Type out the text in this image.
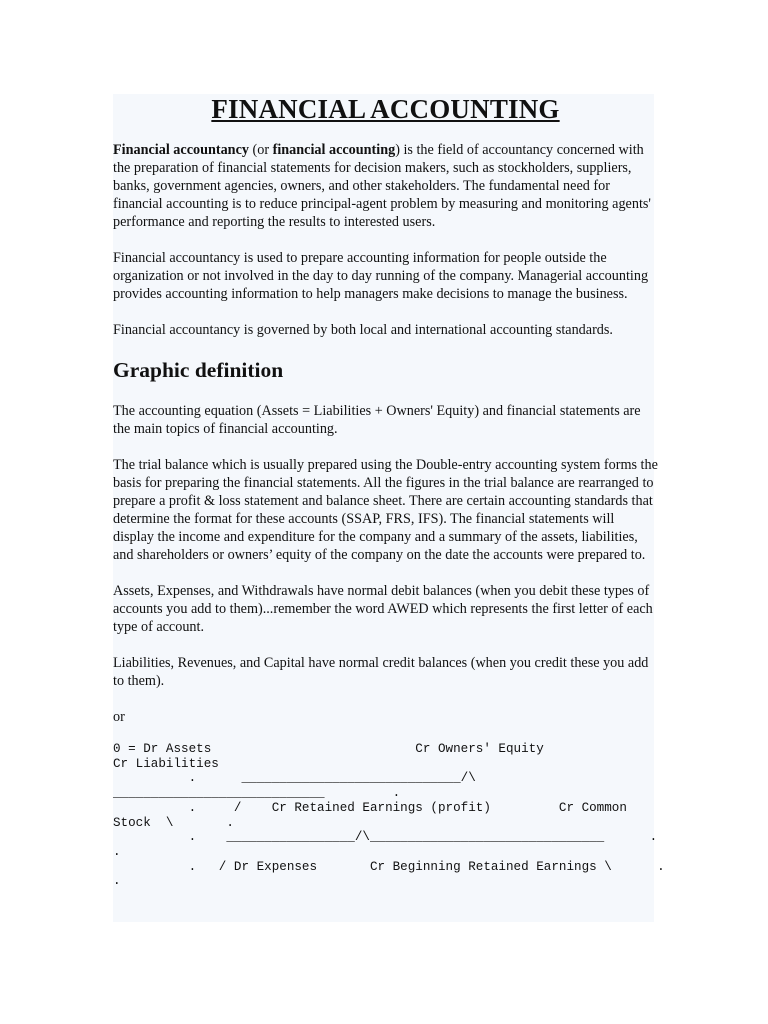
FINANCIAL ACCOUNTING

Financial accountancy (or financial accounting) is the field of accountancy concerned with the preparation of financial statements for decision makers, such as stockholders, suppliers, banks, government agencies, owners, and other stakeholders. The fundamental need for financial accounting is to reduce principal-agent problem by measuring and monitoring agents' performance and reporting the results to interested users.

Financial accountancy is used to prepare accounting information for people outside the organization or not involved in the day to day running of the company. Managerial accounting provides accounting information to help managers make decisions to manage the business.

Financial accountancy is governed by both local and international accounting standards.

Graphic definition

The accounting equation (Assets = Liabilities + Owners' Equity) and financial statements are the main topics of financial accounting.

The trial balance which is usually prepared using the Double-entry accounting system forms the basis for preparing the financial statements. All the figures in the trial balance are rearranged to prepare a profit & loss statement and balance sheet. There are certain accounting standards that determine the format for these accounts (SSAP, FRS, IFS). The financial statements will display the income and expenditure for the company and a summary of the assets, liabilities, and shareholders or owners’ equity of the company on the date the accounts were prepared to.

Assets, Expenses, and Withdrawals have normal debit balances (when you debit these types of accounts you add to them)...remember the word AWED which represents the first letter of each type of account.

Liabilities, Revenues, and Capital have normal credit balances (when you credit these you add to them).

or

0 = Dr Assets                           Cr Owners' Equity
Cr Liabilities
.      _____________________________/\
____________________________         .
.     /    Cr Retained Earnings (profit)         Cr Common
Stock  \       .
.    _________________/\_______________________________      .
.
.   / Dr Expenses       Cr Beginning Retained Earnings \      .
.
